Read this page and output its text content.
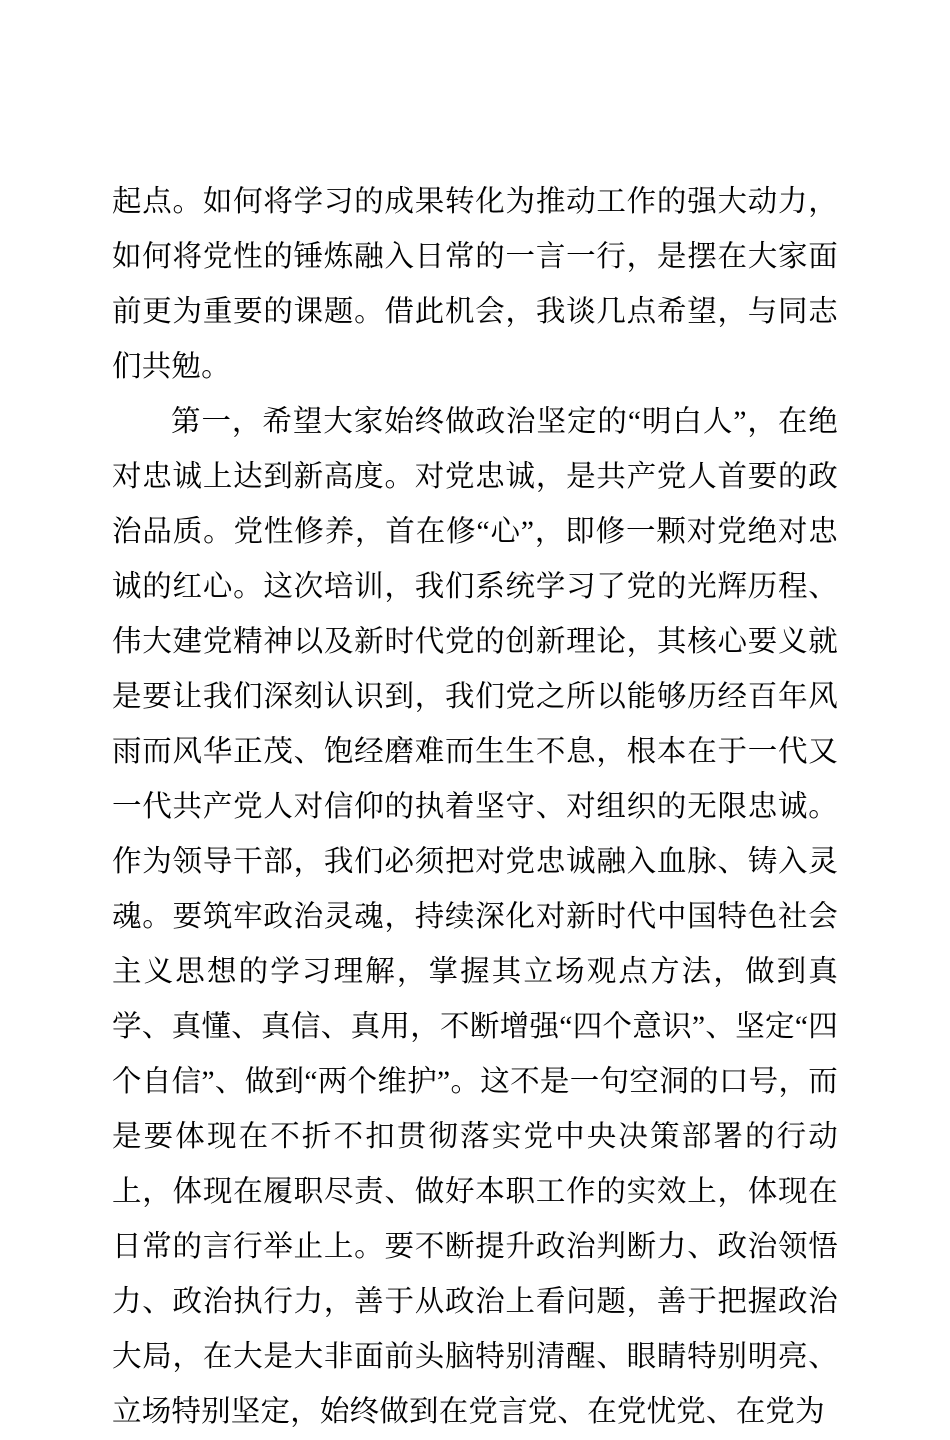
起点。如何将学习的成果转化为推动工作的强大动力，如何将党性的锤炼融入日常的一言一行，是摆在大家面前更为重要的课题。借此机会，我谈几点希望，与同志们共勉。

第一，希望大家始终做政治坚定的“明白人”，在绝对忠诚上达到新高度。对党忠诚，是共产党人首要的政治品质。党性修养，首在修“心”，即修一颗对党绝对忠诚的红心。这次培训，我们系统学习了党的光辉历程、伟大建党精神以及新时代党的创新理论，其核心要义就是要让我们深刻认识到，我们党之所以能够历经百年风雨而风华正茂、饱经磨难而生生不息，根本在于一代又一代共产党人对信仰的执着坚守、对组织的无限忠诚。作为领导干部，我们必须把对党忠诚融入血脉、铸入灵魂。要筑牢政治灵魂，持续深化对新时代中国特色社会主义思想的学习理解，掌握其立场观点方法，做到真学、真懂、真信、真用，不断增强“四个意识”、坚定“四个自信”、做到“两个维护”。这不是一句空洞的口号，而是要体现在不折不扣贯彻落实党中央决策部署的行动上，体现在履职尽责、做好本职工作的实效上，体现在日常的言行举止上。要不断提升政治判断力、政治领悟力、政治执行力，善于从政治上看问题，善于把握政治大局，在大是大非面前头脑特别清醒、眼睛特别明亮、立场特别坚定，始终做到在党言党、在党忧党、在党为
